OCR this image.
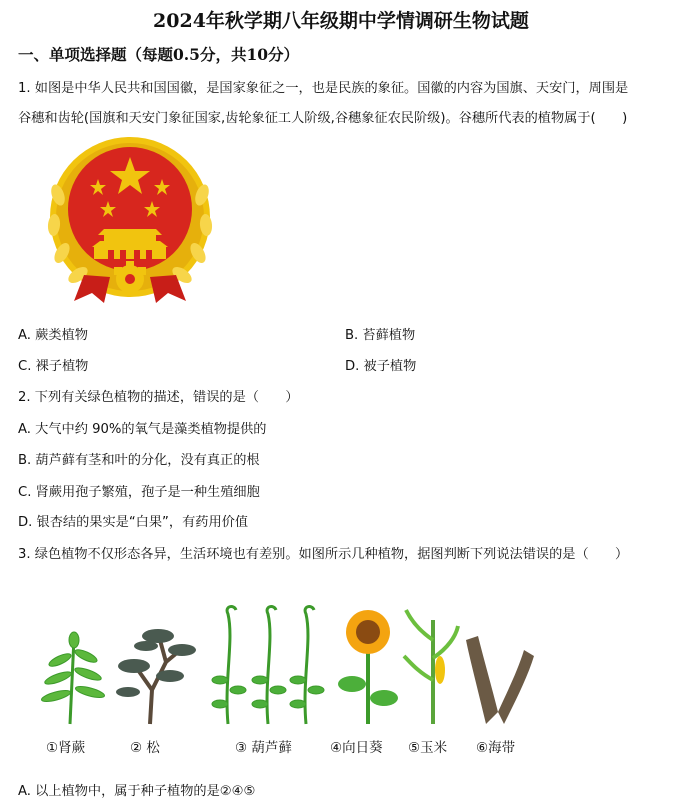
2024年秋学期八年级期中学情调研生物试题
一、单项选择题（每题0.5分，共10分）
1. 如图是中华人民共和国国徽，是国家象征之一，也是民族的象征。国徽的内容为国旗、天安门，周围是
谷穗和齿轮(国旗和天安门象征国家,齿轮象征工人阶级,谷穗象征农民阶级)。谷穗所代表的植物属于(　　)
A. 蕨类植物	B. 苔藓植物
C. 裸子植物	D. 被子植物
2. 下列有关绿色植物的描述，错误的是（　　）
A. 大气中约 90%的氧气是藻类植物提供的
B. 葫芦藓有茎和叶的分化，没有真正的根
C. 肾蕨用孢子繁殖，孢子是一种生殖细胞
D. 银杏结的果实是“白果”，有药用价值
3. 绿色植物不仅形态各异，生活环境也有差别。如图所示几种植物，据图判断下列说法错误的是（　　）
①肾蕨	② 松	③ 葫芦藓	④向日葵 ⑤玉米 ⑥海带
A. 以上植物中，属于种子植物的是②④⑤
